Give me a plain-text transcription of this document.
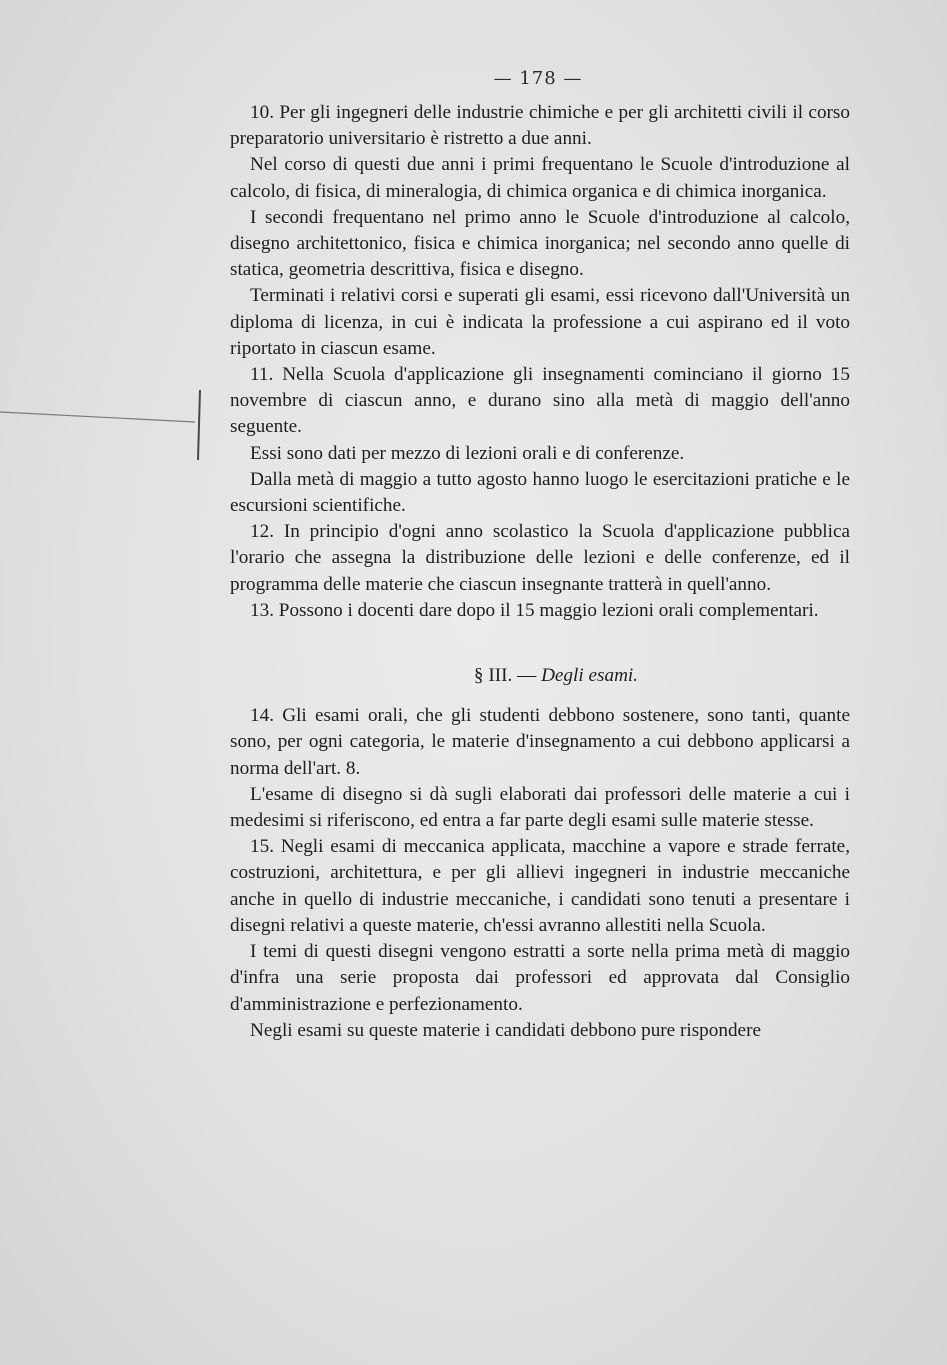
— 178 —

10. Per gli ingegneri delle industrie chimiche e per gli architetti civili il corso preparatorio universitario è ristretto a due anni.

Nel corso di questi due anni i primi frequentano le Scuole d'introduzione al calcolo, di fisica, di mineralogia, di chimica organica e di chimica inorganica.

I secondi frequentano nel primo anno le Scuole d'introduzione al calcolo, disegno architettonico, fisica e chimica inorganica; nel secondo anno quelle di statica, geometria descrittiva, fisica e disegno.

Terminati i relativi corsi e superati gli esami, essi ricevono dall'Università un diploma di licenza, in cui è indicata la professione a cui aspirano ed il voto riportato in ciascun esame.

11. Nella Scuola d'applicazione gli insegnamenti cominciano il giorno 15 novembre di ciascun anno, e durano sino alla metà di maggio dell'anno seguente.

Essi sono dati per mezzo di lezioni orali e di conferenze.

Dalla metà di maggio a tutto agosto hanno luogo le esercitazioni pratiche e le escursioni scientifiche.

12. In principio d'ogni anno scolastico la Scuola d'applicazione pubblica l'orario che assegna la distribuzione delle lezioni e delle conferenze, ed il programma delle materie che ciascun insegnante tratterà in quell'anno.

13. Possono i docenti dare dopo il 15 maggio lezioni orali complementari.

§ III. — Degli esami.

14. Gli esami orali, che gli studenti debbono sostenere, sono tanti, quante sono, per ogni categoria, le materie d'insegnamento a cui debbono applicarsi a norma dell'art. 8.

L'esame di disegno si dà sugli elaborati dai professori delle materie a cui i medesimi si riferiscono, ed entra a far parte degli esami sulle materie stesse.

15. Negli esami di meccanica applicata, macchine a vapore e strade ferrate, costruzioni, architettura, e per gli allievi ingegneri in industrie meccaniche anche in quello di industrie meccaniche, i candidati sono tenuti a presentare i disegni relativi a queste materie, ch'essi avranno allestiti nella Scuola.

I temi di questi disegni vengono estratti a sorte nella prima metà di maggio d'infra una serie proposta dai professori ed approvata dal Consiglio d'amministrazione e perfezionamento.

Negli esami su queste materie i candidati debbono pure rispondere
